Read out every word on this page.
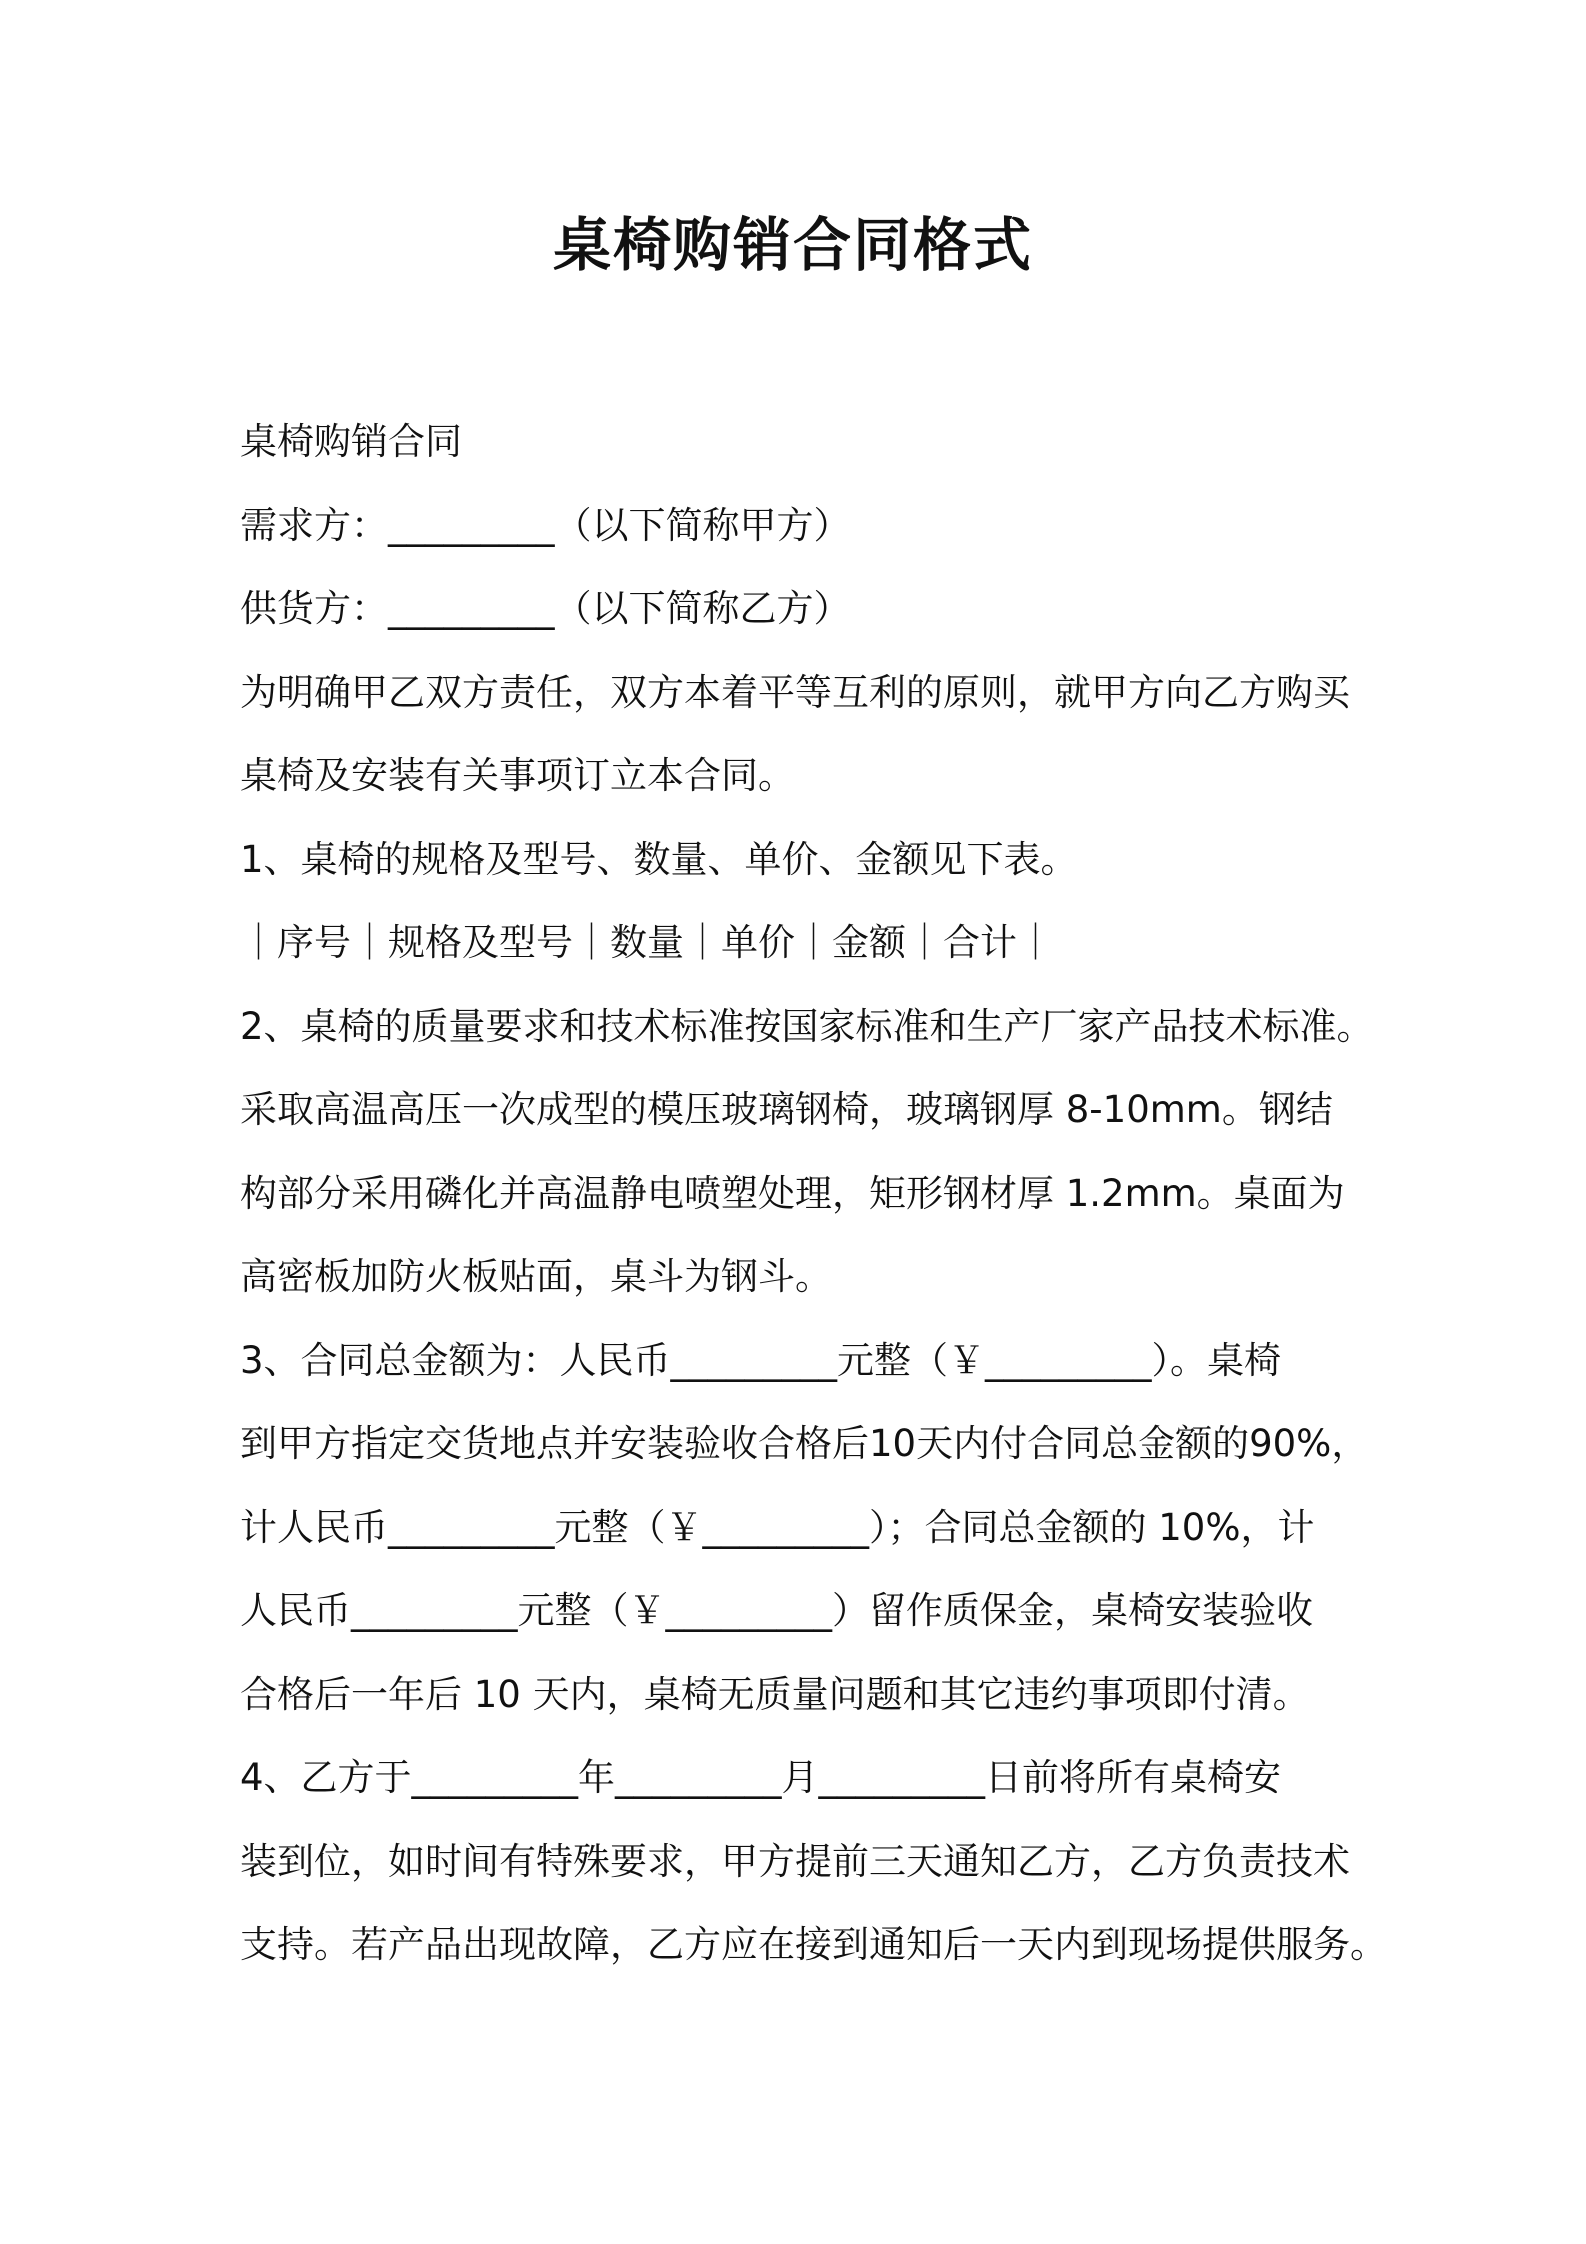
桌椅购销合同格式
桌椅购销合同
需求方：_________（以下简称甲方）
供货方：_________（以下简称乙方）
为明确甲乙双方责任，双方本着平等互利的原则，就甲方向乙方购买
桌椅及安装有关事项订立本合同。
1、桌椅的规格及型号、数量、单价、金额见下表。
｜序号｜规格及型号｜数量｜单价｜金额｜合计｜
2、桌椅的质量要求和技术标准按国家标准和生产厂家产品技术标准。
采取高温高压一次成型的模压玻璃钢椅，玻璃钢厚 8-10mm。钢结
构部分采用磷化并高温静电喷塑处理，矩形钢材厚 1.2mm。桌面为
高密板加防火板贴面，桌斗为钢斗。
3、合同总金额为：人民币_________元整（￥_________）。桌椅
到甲方指定交货地点并安装验收合格后10天内付合同总金额的90%，
计人民币_________元整（￥_________）；合同总金额的 10%，计
人民币_________元整（￥_________）留作质保金，桌椅安装验收
合格后一年后 10 天内，桌椅无质量问题和其它违约事项即付清。
4、乙方于_________年_________月_________日前将所有桌椅安
装到位，如时间有特殊要求，甲方提前三天通知乙方，乙方负责技术
支持。若产品出现故障，乙方应在接到通知后一天内到现场提供服务。
